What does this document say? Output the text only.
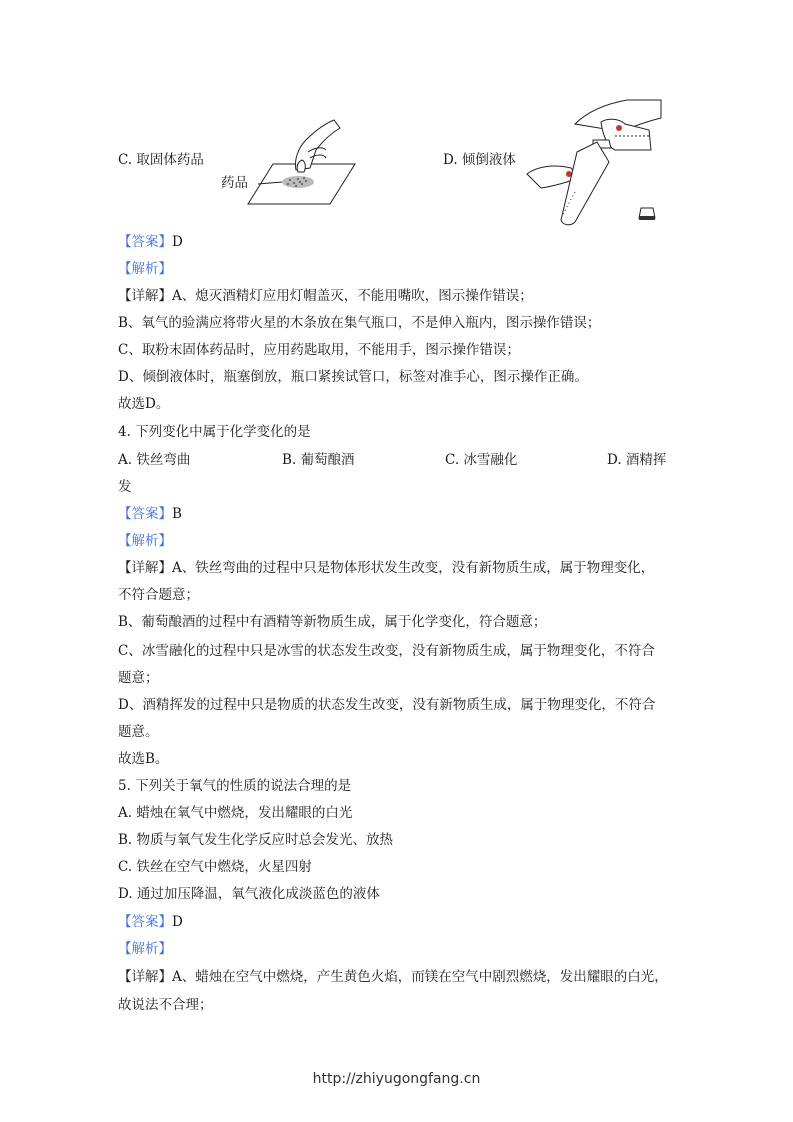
C. 取固体药品
药品
D. 倾倒液体
【答案】D
【解析】
【详解】A、熄灭酒精灯应用灯帽盖灭，不能用嘴吹，图示操作错误；
B、氧气的验满应将带火星的木条放在集气瓶口，不是伸入瓶内，图示操作错误；
C、取粉末固体药品时，应用药匙取用，不能用手，图示操作错误；
D、倾倒液体时，瓶塞倒放，瓶口紧挨试管口，标签对准手心，图示操作正确。
故选D。
4. 下列变化中属于化学变化的是
A. 铁丝弯曲	B. 葡萄酿酒	C. 冰雪融化	D. 酒精挥
发
【答案】B
【解析】
【详解】A、铁丝弯曲的过程中只是物体形状发生改变，没有新物质生成，属于物理变化，
不符合题意；
B、葡萄酿酒的过程中有酒精等新物质生成，属于化学变化，符合题意；
C、冰雪融化的过程中只是冰雪的状态发生改变，没有新物质生成，属于物理变化，不符合
题意；
D、酒精挥发的过程中只是物质的状态发生改变，没有新物质生成，属于物理变化，不符合
题意。
故选B。
5. 下列关于氧气的性质的说法合理的是
A. 蜡烛在氧气中燃烧，发出耀眼的白光
B. 物质与氧气发生化学反应时总会发光、放热
C. 铁丝在空气中燃烧，火星四射
D. 通过加压降温，氧气液化成淡蓝色的液体
【答案】D
【解析】
【详解】A、蜡烛在空气中燃烧，产生黄色火焰，而镁在空气中剧烈燃烧，发出耀眼的白光，
故说法不合理；
http://zhiyugongfang.cn
